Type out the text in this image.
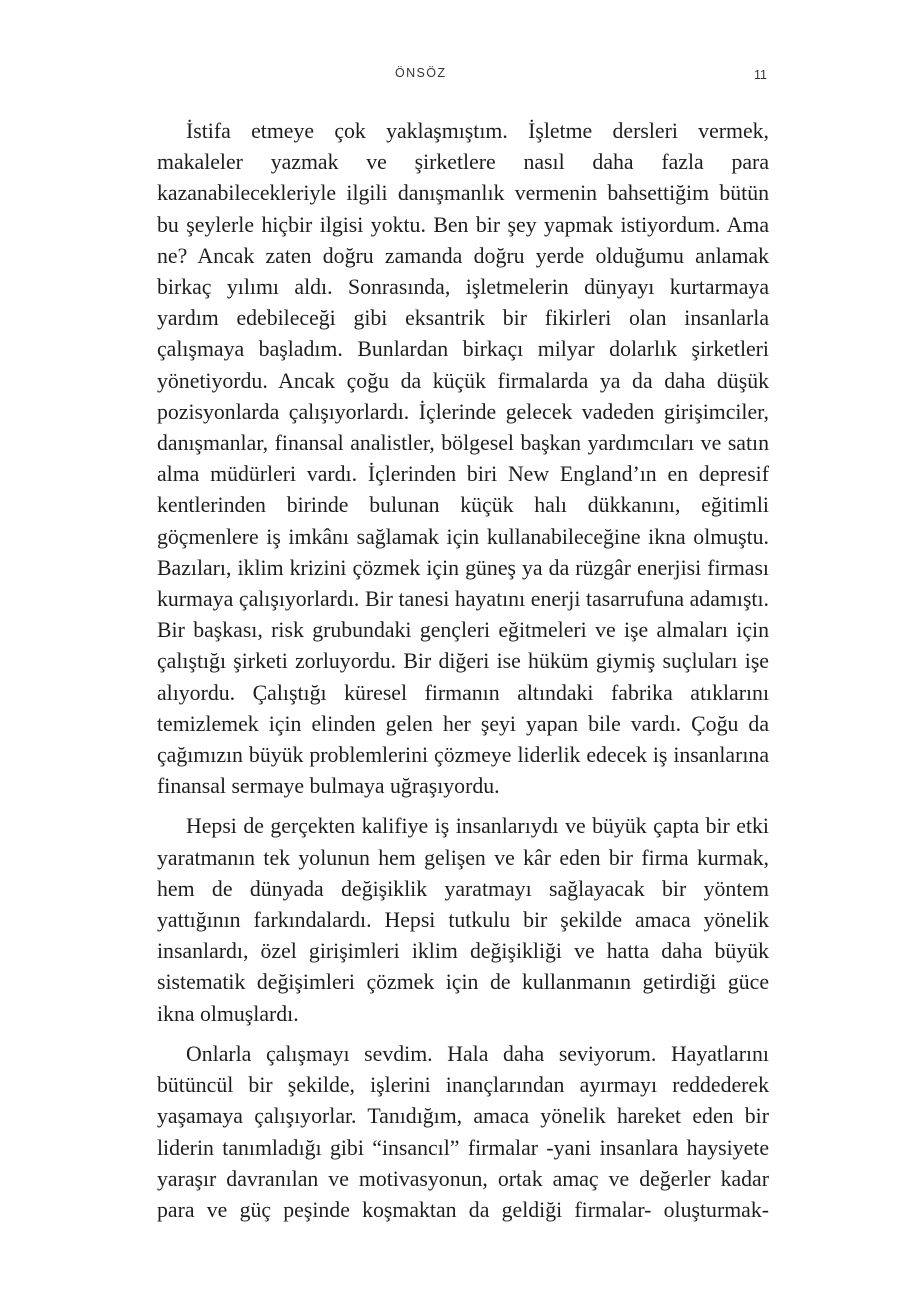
ÖNSÖZ	11

İstifa etmeye çok yaklaşmıştım. İşletme dersleri vermek, makaleler yazmak ve şirketlere nasıl daha fazla para kazanabilecekleriyle ilgili danışmanlık vermenin bahsettiğim bütün bu şeylerle hiçbir ilgisi yoktu. Ben bir şey yapmak istiyordum. Ama ne? Ancak zaten doğru zamanda doğru yerde olduğumu anlamak birkaç yılımı aldı. Sonrasında, işletmelerin dünyayı kurtarmaya yardım edebileceği gibi eksantrik bir fikirleri olan insanlarla çalışmaya başladım. Bunlardan birkaçı milyar dolarlık şirketleri yönetiyordu. Ancak çoğu da küçük firmalarda ya da daha düşük pozisyonlarda çalışıyorlardı. İçlerinde gelecek vadeden girişimciler, danışmanlar, finansal analistler, bölgesel başkan yardımcıları ve satın alma müdürleri vardı. İçlerinden biri New England’ın en depresif kentlerinden birinde bulunan küçük halı dükkanını, eğitimli göçmenlere iş imkânı sağlamak için kullanabileceğine ikna olmuştu. Bazıları, iklim krizini çözmek için güneş ya da rüzgâr enerjisi firması kurmaya çalışıyorlardı. Bir tanesi hayatını enerji tasarrufuna adamıştı. Bir başkası, risk grubundaki gençleri eğitmeleri ve işe almaları için çalıştığı şirketi zorluyordu. Bir diğeri ise hüküm giymiş suçluları işe alıyordu. Çalıştığı küresel firmanın altındaki fabrika atıklarını temizlemek için elinden gelen her şeyi yapan bile vardı. Çoğu da çağımızın büyük problemlerini çözmeye liderlik edecek iş insanlarına finansal sermaye bulmaya uğraşıyordu.

Hepsi de gerçekten kalifiye iş insanlarıydı ve büyük çapta bir etki yaratmanın tek yolunun hem gelişen ve kâr eden bir firma kurmak, hem de dünyada değişiklik yaratmayı sağlayacak bir yöntem yattığının farkındalardı. Hepsi tutkulu bir şekilde amaca yönelik insanlardı, özel girişimleri iklim değişikliği ve hatta daha büyük sistematik değişimleri çözmek için de kullanmanın getirdiği güce ikna olmuşlardı.

Onlarla çalışmayı sevdim. Hala daha seviyorum. Hayatlarını bütüncül bir şekilde, işlerini inançlarından ayırmayı reddederek yaşamaya çalışıyorlar. Tanıdığım, amaca yönelik hareket eden bir liderin tanımladığı gibi “insancıl” firmalar -yani insanlara haysiyete yaraşır davranılan ve motivasyonun, ortak amaç ve değerler kadar para ve güç peşinde koşmaktan da geldiği firmalar- oluşturmak-
